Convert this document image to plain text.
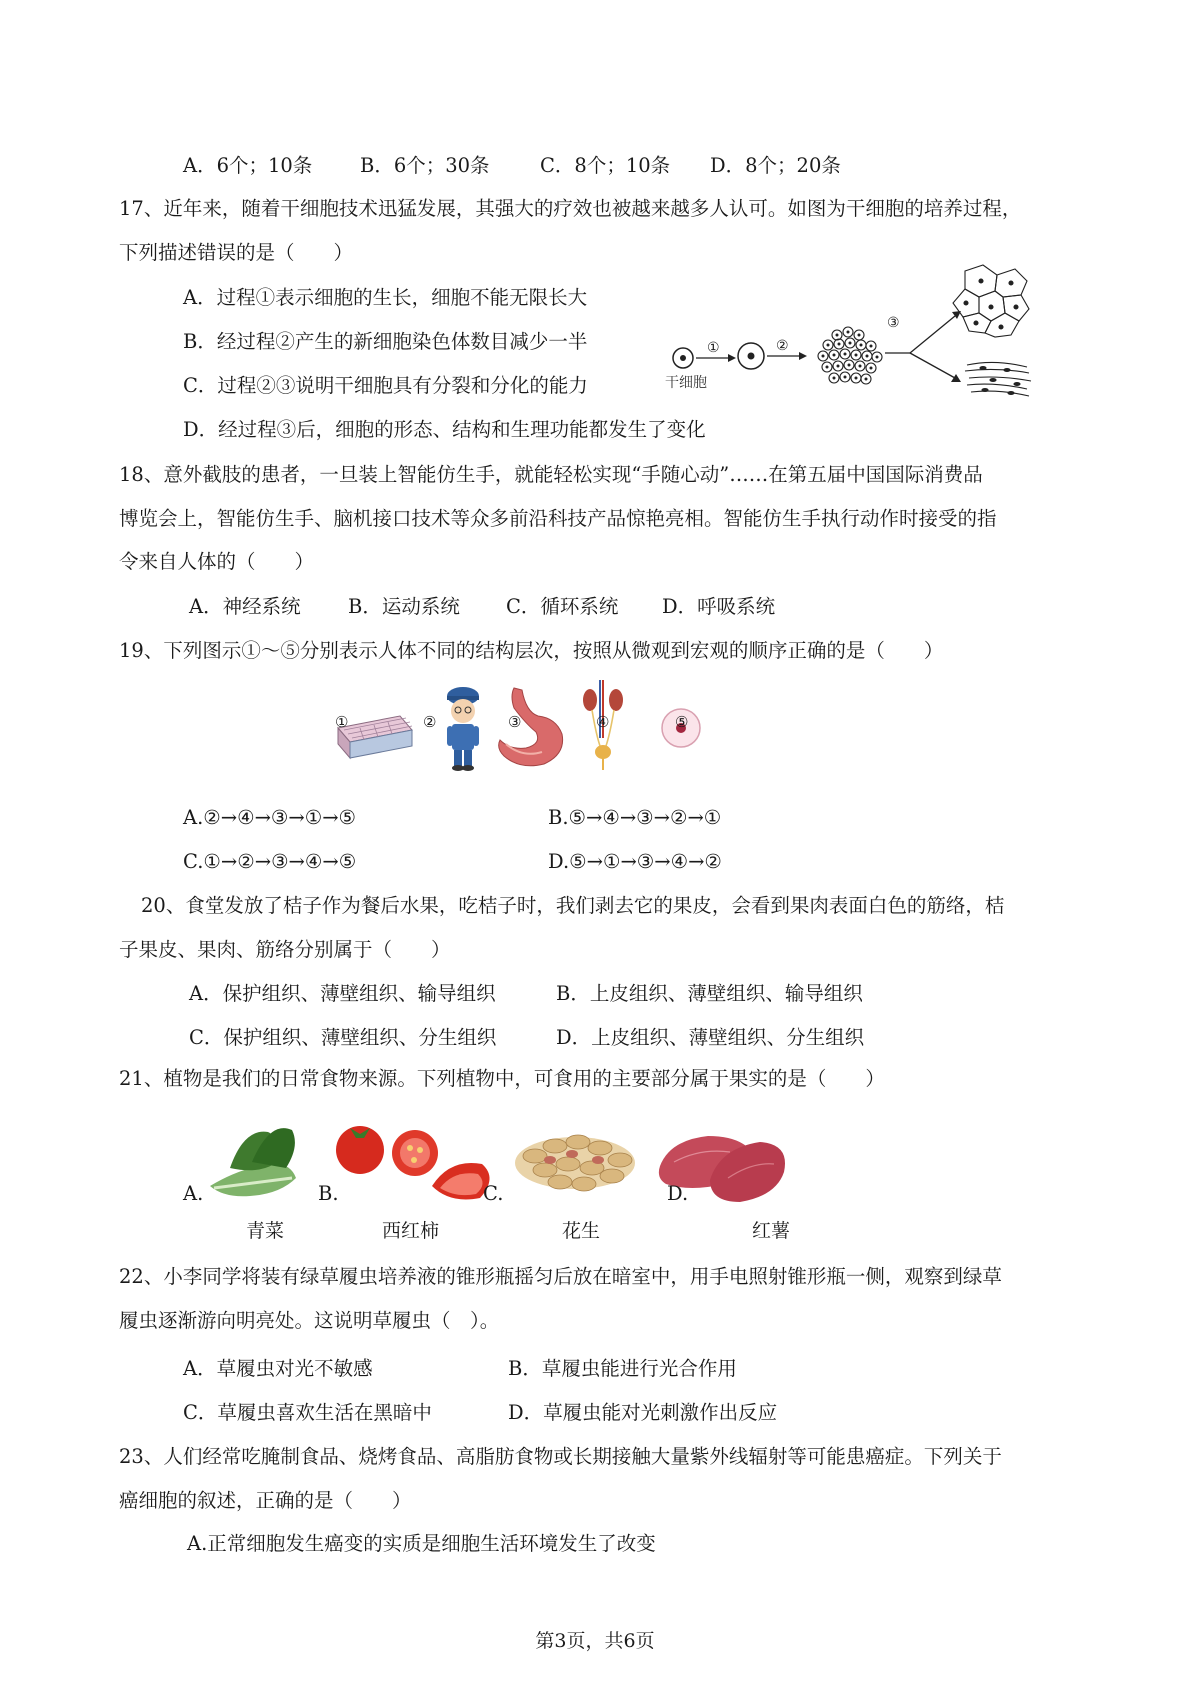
A．6个；10条 B．6个；30条	C．8个；10条 D．8个；20条
17、近年来，随着干细胞技术迅猛发展，其强大的疗效也被越来越多人认可。如图为干细胞的培养过程，
下列描述错误的是（　　）
A．过程①表示细胞的生长，细胞不能无限长大
B．经过程②产生的新细胞染色体数目减少一半
C．过程②③说明干细胞具有分裂和分化的能力
D．经过程③后，细胞的形态、结构和生理功能都发生了变化
①	②
③
干细胞
18、意外截肢的患者，一旦装上智能仿生手，就能轻松实现“手随心动”……在第五届中国国际消费品
博览会上，智能仿生手、脑机接口技术等众多前沿科技产品惊艳亮相。智能仿生手执行动作时接受的指
令来自人体的（　　）
A．神经系统 B．运动系统 C．循环系统 D．呼吸系统
19、下列图示①～⑤分别表示人体不同的结构层次，按照从微观到宏观的顺序正确的是（　　）
①	②	③	④	⑤
A.②→④→③→①→⑤	B.⑤→④→③→②→①
C.①→②→③→④→⑤	D.⑤→①→③→④→②
20、食堂发放了桔子作为餐后水果，吃桔子时，我们剥去它的果皮，会看到果肉表面白色的筋络，桔
子果皮、果肉、筋络分别属于（　　）
A．保护组织、薄壁组织、输导组织	B．上皮组织、薄壁组织、输导组织
C．保护组织、薄壁组织、分生组织	D．上皮组织、薄壁组织、分生组织
21、植物是我们的日常食物来源。下列植物中，可食用的主要部分属于果实的是（　　）
A.	B.	C.	D.
青菜	西红柿	花生	红薯
22、小李同学将装有绿草履虫培养液的锥形瓶摇匀后放在暗室中，用手电照射锥形瓶一侧，观察到绿草
履虫逐渐游向明亮处。这说明草履虫（　）。
A．草履虫对光不敏感	B．草履虫能进行光合作用
C．草履虫喜欢生活在黑暗中	D．草履虫能对光刺激作出反应
23、人们经常吃腌制食品、烧烤食品、高脂肪食物或长期接触大量紫外线辐射等可能患癌症。下列关于
癌细胞的叙述，正确的是（　　）
A.正常细胞发生癌变的实质是细胞生活环境发生了改变
第3页，共6页
